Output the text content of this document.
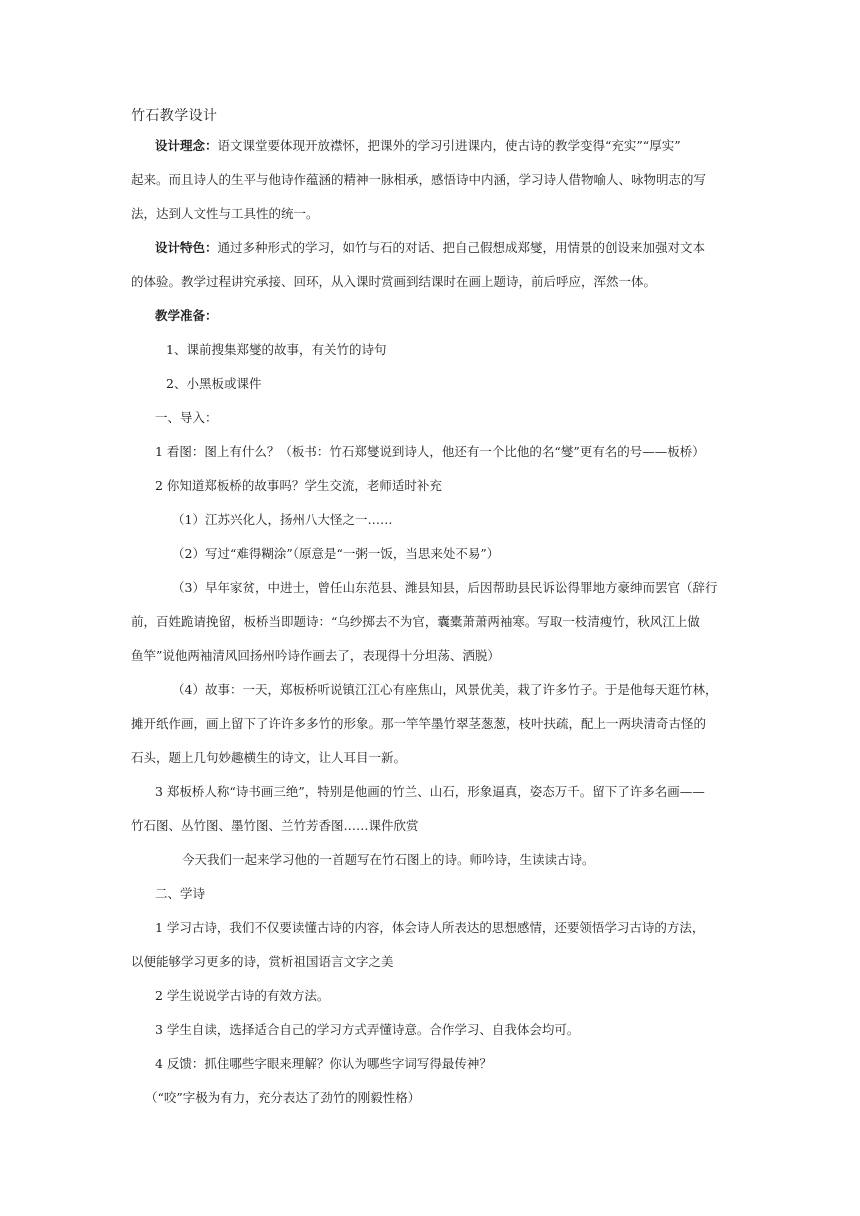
竹石教学设计
设计理念：语文课堂要体现开放襟怀，把课外的学习引进课内，使古诗的教学变得“充实”“厚实”
起来。而且诗人的生平与他诗作蕴涵的精神一脉相承，感悟诗中内涵，学习诗人借物喻人、咏物明志的写
法，达到人文性与工具性的统一。
设计特色：通过多种形式的学习，如竹与石的对话、把自己假想成郑燮，用情景的创设来加强对文本
的体验。教学过程讲究承接、回环，从入课时赏画到结课时在画上题诗，前后呼应，浑然一体。
教学准备：
1、课前搜集郑燮的故事，有关竹的诗句
2、小黑板或课件
一、导入：
1 看图：图上有什么？（板书：竹石郑燮说到诗人，他还有一个比他的名“燮”更有名的号——板桥）
2 你知道郑板桥的故事吗？学生交流，老师适时补充
（1）江苏兴化人，扬州八大怪之一……
（2）写过“难得糊涂”（原意是“一粥一饭，当思来处不易”）
（3）早年家贫，中进士，曾任山东范县、潍县知县，后因帮助县民诉讼得罪地方豪绅而罢官（辞行
前，百姓跪请挽留，板桥当即题诗：“乌纱掷去不为官，囊橐萧萧两袖寒。写取一枝清瘦竹，秋风江上做
鱼竿”说他两袖清风回扬州吟诗作画去了，表现得十分坦荡、洒脱）
（4）故事：一天，郑板桥听说镇江江心有座焦山，风景优美，栽了许多竹子。于是他每天逛竹林，
摊开纸作画，画上留下了许许多多竹的形象。那一竿竿墨竹翠茎葱葱，枝叶扶疏，配上一两块清奇古怪的
石头，题上几句妙趣横生的诗文，让人耳目一新。
3 郑板桥人称“诗书画三绝”，特别是他画的竹兰、山石，形象逼真，姿态万千。留下了许多名画——
竹石图、丛竹图、墨竹图、兰竹芳香图……课件欣赏
今天我们一起来学习他的一首题写在竹石图上的诗。师吟诗，生读读古诗。
二、学诗
1 学习古诗，我们不仅要读懂古诗的内容，体会诗人所表达的思想感情，还要领悟学习古诗的方法，
以便能够学习更多的诗，赏析祖国语言文字之美
2 学生说说学古诗的有效方法。
3 学生自读，选择适合自己的学习方式弄懂诗意。合作学习、自我体会均可。
4 反馈：抓住哪些字眼来理解？你认为哪些字词写得最传神？
（“咬”字极为有力，充分表达了劲竹的刚毅性格）
